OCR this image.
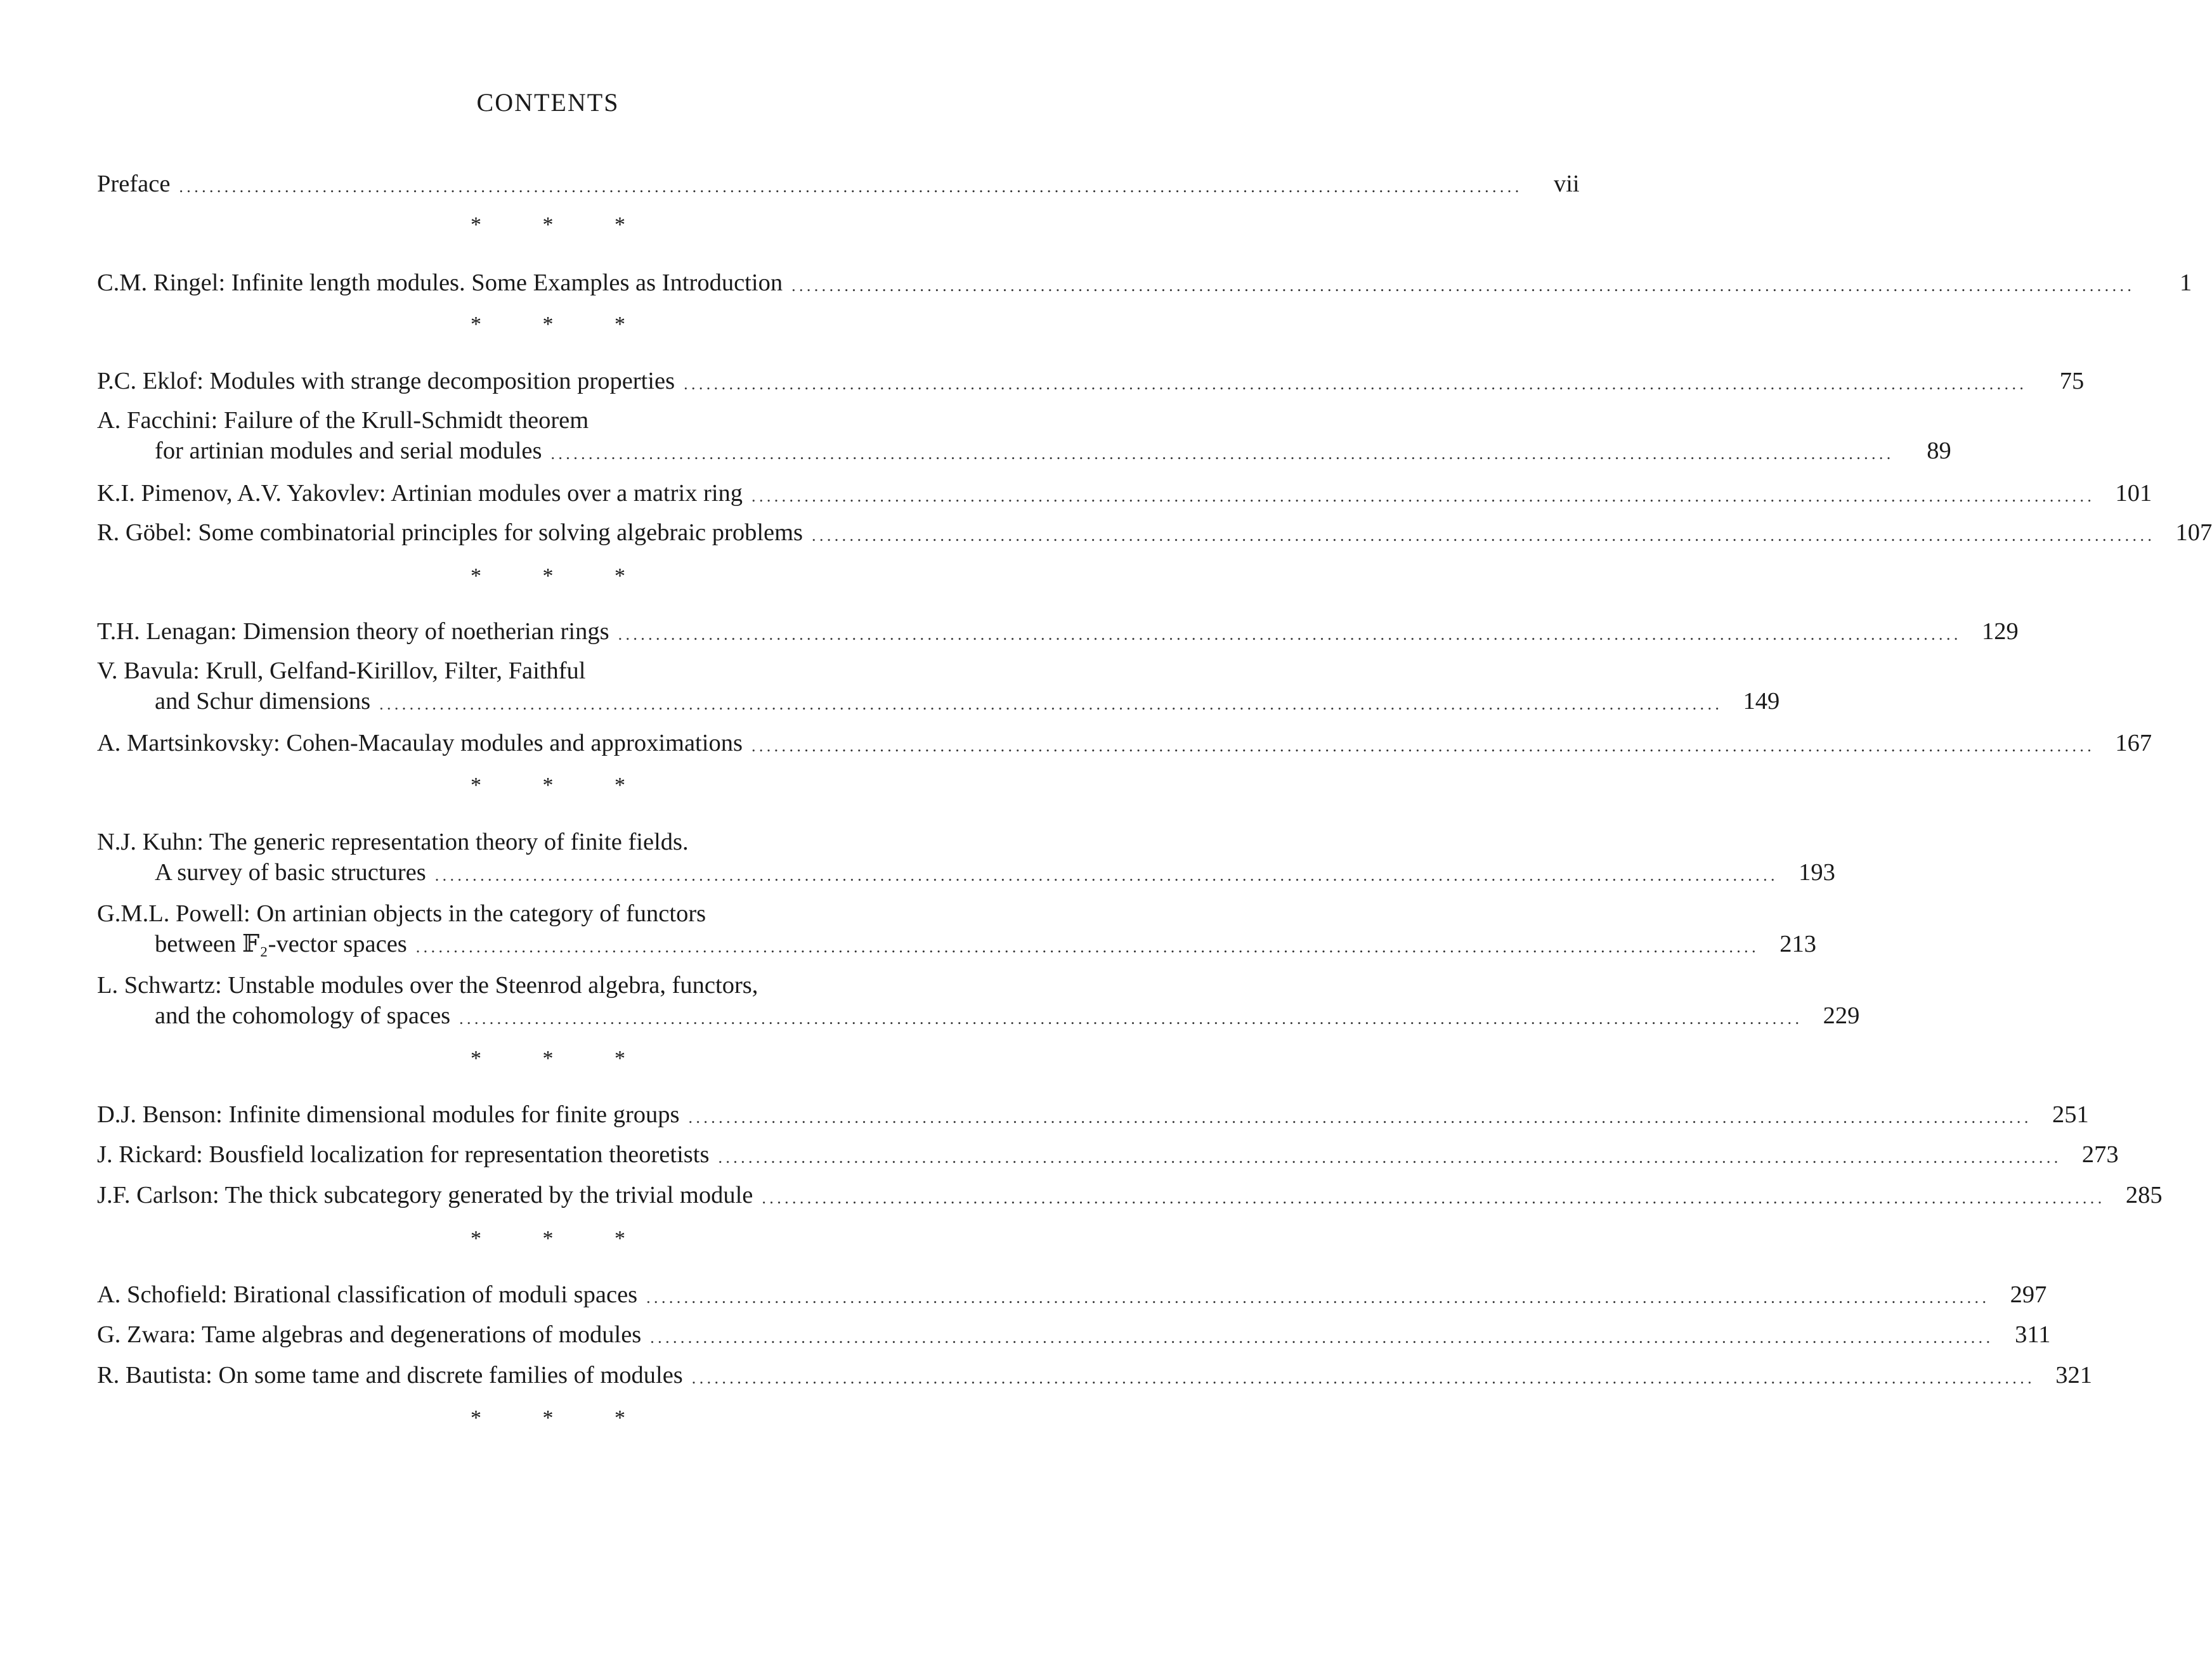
CONTENTS
Preface ..................................................................................................................................................................................	vii
* * *
C.M. Ringel: Infinite length modules. Some Examples as Introduction ..................................................................................................................................................................................	1
* * *
P.C. Eklof: Modules with strange decomposition properties ..................................................................................................................................................................................	75
A. Facchini: Failure of the Krull-Schmidt theorem
for artinian modules and serial modules ..................................................................................................................................................................................	89
K.I. Pimenov, A.V. Yakovlev: Artinian modules over a matrix ring .................................................................................................................................................................................. 101
R. Göbel: Some combinatorial principles for solving algebraic problems .................................................................................................................................................................................. 107
* * *
T.H. Lenagan: Dimension theory of noetherian rings .................................................................................................................................................................................. 129
V. Bavula: Krull, Gelfand-Kirillov, Filter, Faithful
and Schur dimensions .................................................................................................................................................................................. 149
A. Martsinkovsky: Cohen-Macaulay modules and approximations .................................................................................................................................................................................. 167
* * *
N.J. Kuhn: The generic representation theory of finite fields.
A survey of basic structures .................................................................................................................................................................................. 193
G.M.L. Powell: On artinian objects in the category of functors
between 𝔽₂-vector spaces .................................................................................................................................................................................. 213
L. Schwartz: Unstable modules over the Steenrod algebra, functors,
and the cohomology of spaces .................................................................................................................................................................................. 229
* * *
D.J. Benson: Infinite dimensional modules for finite groups .................................................................................................................................................................................. 251
J. Rickard: Bousfield localization for representation theoretists .................................................................................................................................................................................. 273
J.F. Carlson: The thick subcategory generated by the trivial module .................................................................................................................................................................................. 285
* * *
A. Schofield: Birational classification of moduli spaces .................................................................................................................................................................................. 297
G. Zwara: Tame algebras and degenerations of modules .................................................................................................................................................................................. 311
R. Bautista: On some tame and discrete families of modules .................................................................................................................................................................................. 321
* * *
